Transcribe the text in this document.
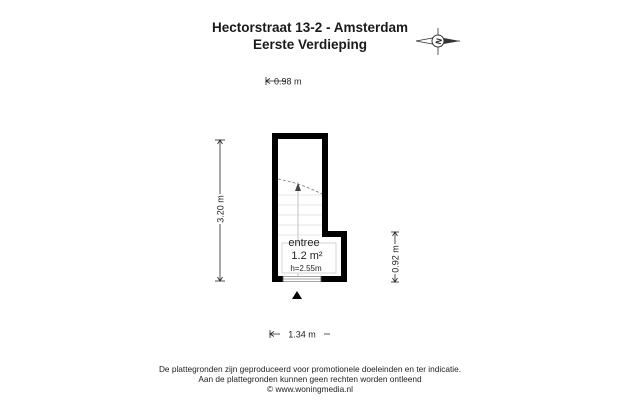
Hectorstraat 13-2 - Amsterdam
Eerste Verdieping	N
0.98 m
3.20 m
0.92 m
1.34 m
entree
1.2 m²
h=2.55m
De plattegronden zijn geproduceerd voor promotionele doeleinden en ter indicatie.
Aan de plattegronden kunnen geen rechten worden ontleend
© www.woningmedia.nl
